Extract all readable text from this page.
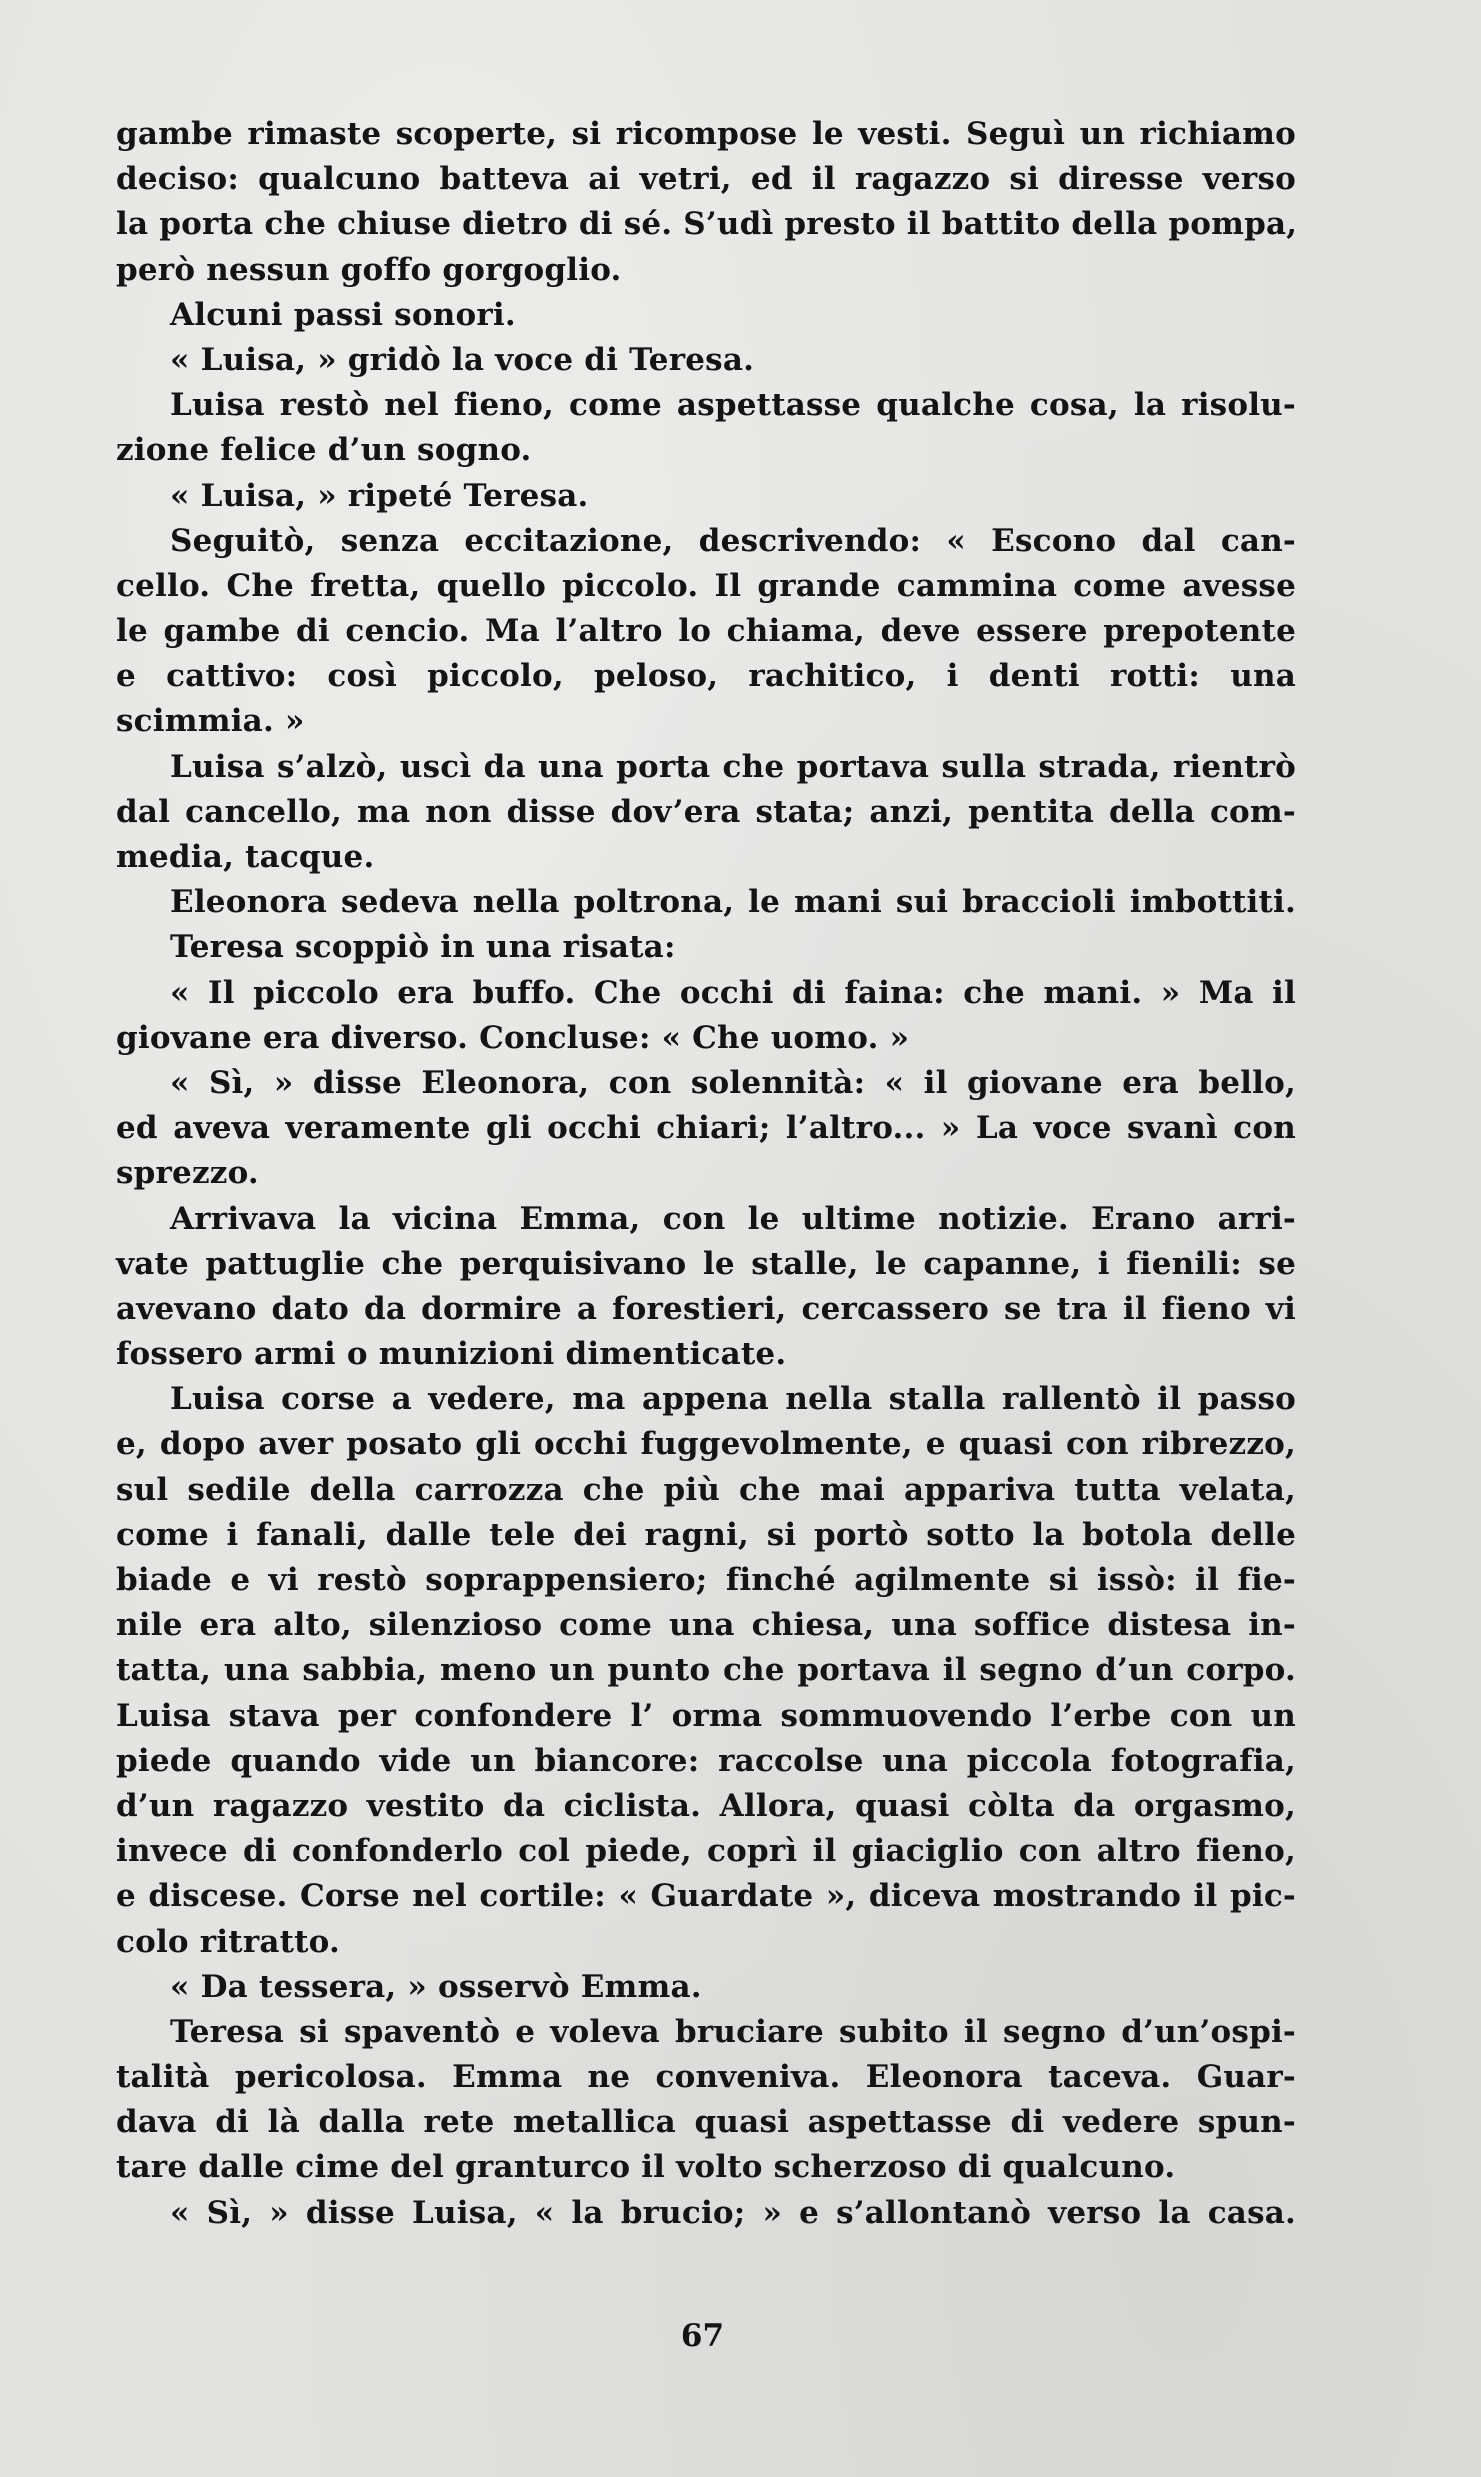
gambe rimaste scoperte, si ricompose le vesti. Seguì un richiamo
deciso: qualcuno batteva ai vetri, ed il ragazzo si diresse verso
la porta che chiuse dietro di sé. S’udì presto il battito della pompa,
però nessun goffo gorgoglio.
Alcuni passi sonori.
« Luisa, » gridò la voce di Teresa.
Luisa restò nel fieno, come aspettasse qualche cosa, la risolu-
zione felice d’un sogno.
« Luisa, » ripeté Teresa.
Seguitò, senza eccitazione, descrivendo: « Escono dal can-
cello. Che fretta, quello piccolo. Il grande cammina come avesse
le gambe di cencio. Ma l’altro lo chiama, deve essere prepotente
e cattivo: così piccolo, peloso, rachitico, i denti rotti: una
scimmia. »
Luisa s’alzò, uscì da una porta che portava sulla strada, rientrò
dal cancello, ma non disse dov’era stata; anzi, pentita della com-
media, tacque.
Eleonora sedeva nella poltrona, le mani sui braccioli imbottiti.
Teresa scoppiò in una risata:
« Il piccolo era buffo. Che occhi di faina: che mani. » Ma il
giovane era diverso. Concluse: « Che uomo. »
« Sì, » disse Eleonora, con solennità: « il giovane era bello,
ed aveva veramente gli occhi chiari; l’altro... » La voce svanì con
sprezzo.
Arrivava la vicina Emma, con le ultime notizie. Erano arri-
vate pattuglie che perquisivano le stalle, le capanne, i fienili: se
avevano dato da dormire a forestieri, cercassero se tra il fieno vi
fossero armi o munizioni dimenticate.
Luisa corse a vedere, ma appena nella stalla rallentò il passo
e, dopo aver posato gli occhi fuggevolmente, e quasi con ribrezzo,
sul sedile della carrozza che più che mai appariva tutta velata,
come i fanali, dalle tele dei ragni, si portò sotto la botola delle
biade e vi restò soprappensiero; finché agilmente si issò: il fie-
nile era alto, silenzioso come una chiesa, una soffice distesa in-
tatta, una sabbia, meno un punto che portava il segno d’un corpo.
Luisa stava per confondere l’ orma sommuovendo l’erbe con un
piede quando vide un biancore: raccolse una piccola fotografia,
d’un ragazzo vestito da ciclista. Allora, quasi còlta da orgasmo,
invece di confonderlo col piede, coprì il giaciglio con altro fieno,
e discese. Corse nel cortile: « Guardate », diceva mostrando il pic-
colo ritratto.
« Da tessera, » osservò Emma.
Teresa si spaventò e voleva bruciare subito il segno d’un’ospi-
talità pericolosa. Emma ne conveniva. Eleonora taceva. Guar-
dava di là dalla rete metallica quasi aspettasse di vedere spun-
tare dalle cime del granturco il volto scherzoso di qualcuno.
« Sì, » disse Luisa, « la brucio; » e s’allontanò verso la casa.
67
